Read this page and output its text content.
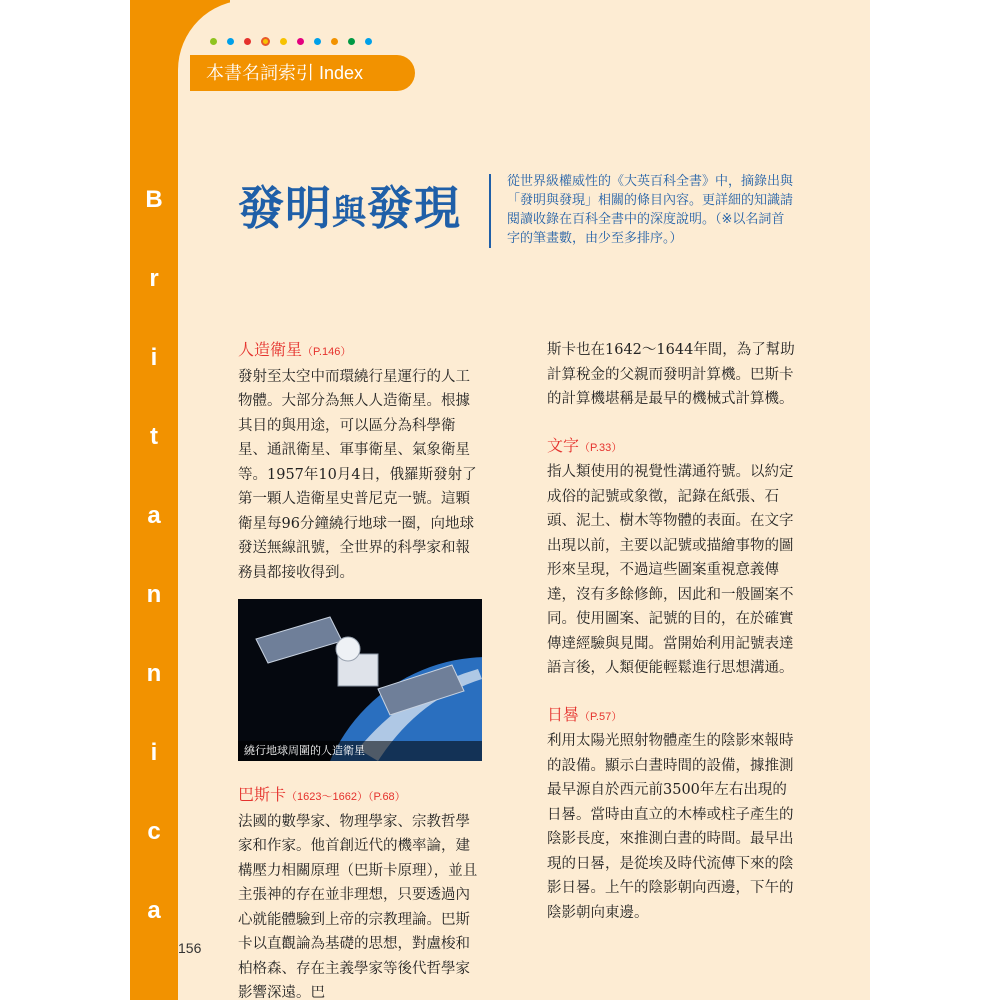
本書名詞索引 Index
B
r
i
t
a
n
n
i
c
a
156
發明與發現	從世界級權威性的《大英百科全書》中，摘錄出與「發明與發現」相關的條目內容。更詳細的知識請閱讀收錄在百科全書中的深度說明。（※以名詞首字的筆畫數，由少至多排序。）
人造衛星（P.146）

發射至太空中而環繞行星運行的人工物體。大部分為無人人造衛星。根據其目的與用途，可以區分為科學衛星、通訊衛星、軍事衛星、氣象衛星等。1957年10月4日，俄羅斯發射了第一顆人造衛星史普尼克一號。這顆衛星每96分鐘繞行地球一圈，向地球發送無線訊號，全世界的科學家和報務員都接收得到。

繞行地球周圍的人造衛星
巴斯卡（1623～1662）（P.68）

法國的數學家、物理學家、宗教哲學家和作家。他首創近代的機率論，建構壓力相關原理（巴斯卡原理），並且主張神的存在並非理想，只要透過內心就能體驗到上帝的宗教理論。巴斯卡以直觀論為基礎的思想，對盧梭和柏格森、存在主義學家等後代哲學家影響深遠。巴

斯卡也在1642～1644年間，為了幫助計算稅金的父親而發明計算機。巴斯卡的計算機堪稱是最早的機械式計算機。

文字（P.33）

指人類使用的視覺性溝通符號。以約定成俗的記號或象徵，記錄在紙張、石頭、泥土、樹木等物體的表面。在文字出現以前，主要以記號或描繪事物的圖形來呈現，不過這些圖案重視意義傳達，沒有多餘修飾，因此和一般圖案不同。使用圖案、記號的目的，在於確實傳達經驗與見聞。當開始利用記號表達語言後，人類便能輕鬆進行思想溝通。

日晷（P.57）

利用太陽光照射物體產生的陰影來報時的設備。顯示白晝時間的設備，據推測最早源自於西元前3500年左右出現的日晷。當時由直立的木棒或柱子產生的陰影長度，來推測白晝的時間。最早出現的日晷，是從埃及時代流傳下來的陰影日晷。上午的陰影朝向西邊，下午的陰影朝向東邊。
